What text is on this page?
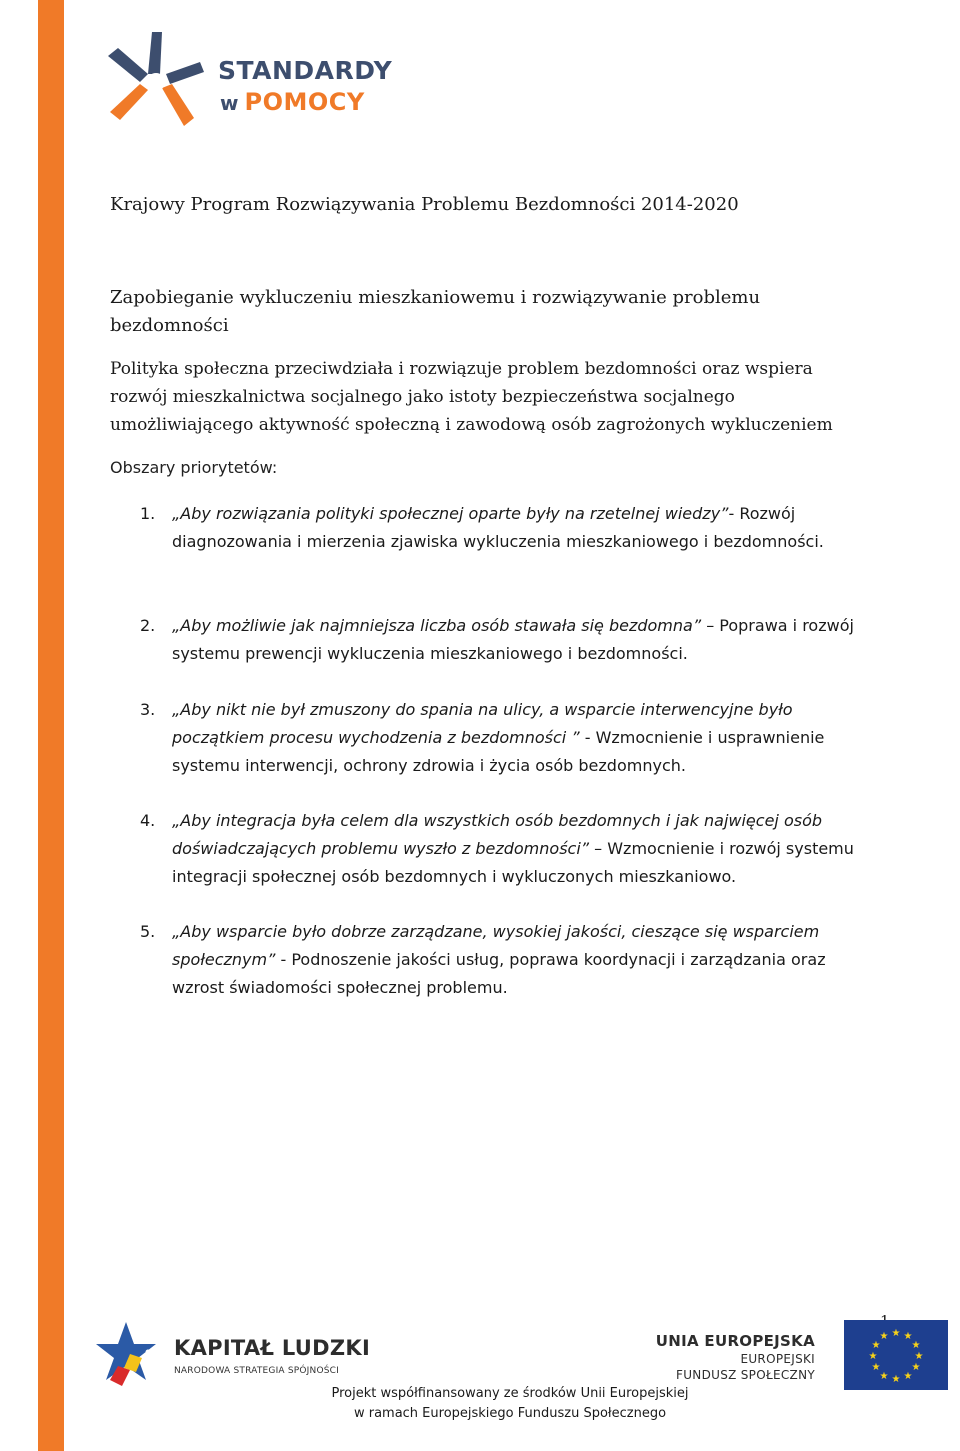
STANDARDY
w POMOCY
Krajowy Program Rozwiązywania Problemu Bezdomności 2014-2020
Zapobieganie wykluczeniu mieszkaniowemu i rozwiązywanie problemu bezdomności
Polityka społeczna przeciwdziała i rozwiązuje problem bezdomności oraz wspiera rozwój mieszkalnictwa socjalnego jako istoty bezpieczeństwa socjalnego umożliwiającego aktywność społeczną i zawodową osób zagrożonych wykluczeniem
Obszary priorytetów:
1. „Aby rozwiązania polityki społecznej oparte były na rzetelnej wiedzy”- Rozwój diagnozowania i mierzenia zjawiska wykluczenia mieszkaniowego i bezdomności.
2. „Aby możliwie jak najmniejsza liczba osób stawała się bezdomna” – Poprawa i rozwój systemu prewencji wykluczenia mieszkaniowego i bezdomności.
3. „Aby nikt nie był zmuszony do spania na ulicy, a wsparcie interwencyjne było początkiem procesu wychodzenia z bezdomności ” - Wzmocnienie i usprawnienie systemu interwencji, ochrony zdrowia i życia osób bezdomnych.
4. „Aby integracja była celem dla wszystkich osób bezdomnych i jak najwięcej osób doświadczających problemu wyszło z bezdomności” – Wzmocnienie i rozwój systemu integracji społecznej osób bezdomnych i wykluczonych mieszkaniowo.
5. „Aby wsparcie było dobrze zarządzane, wysokiej jakości, cieszące się wsparciem społecznym” - Podnoszenie jakości usług, poprawa koordynacji i zarządzania oraz wzrost świadomości społecznej problemu.
KAPITAŁ LUDZKI
NARODOWA STRATEGIA SPÓJNOŚCI
UNIA EUROPEJSKA
EUROPEJSKI
FUNDUSZ SPOŁECZNY
★ ★
★
★
★
★
★
★
★
★
★
★
Projekt współfinansowany ze środków Unii Europejskiej
w ramach Europejskiego Funduszu Społecznego
